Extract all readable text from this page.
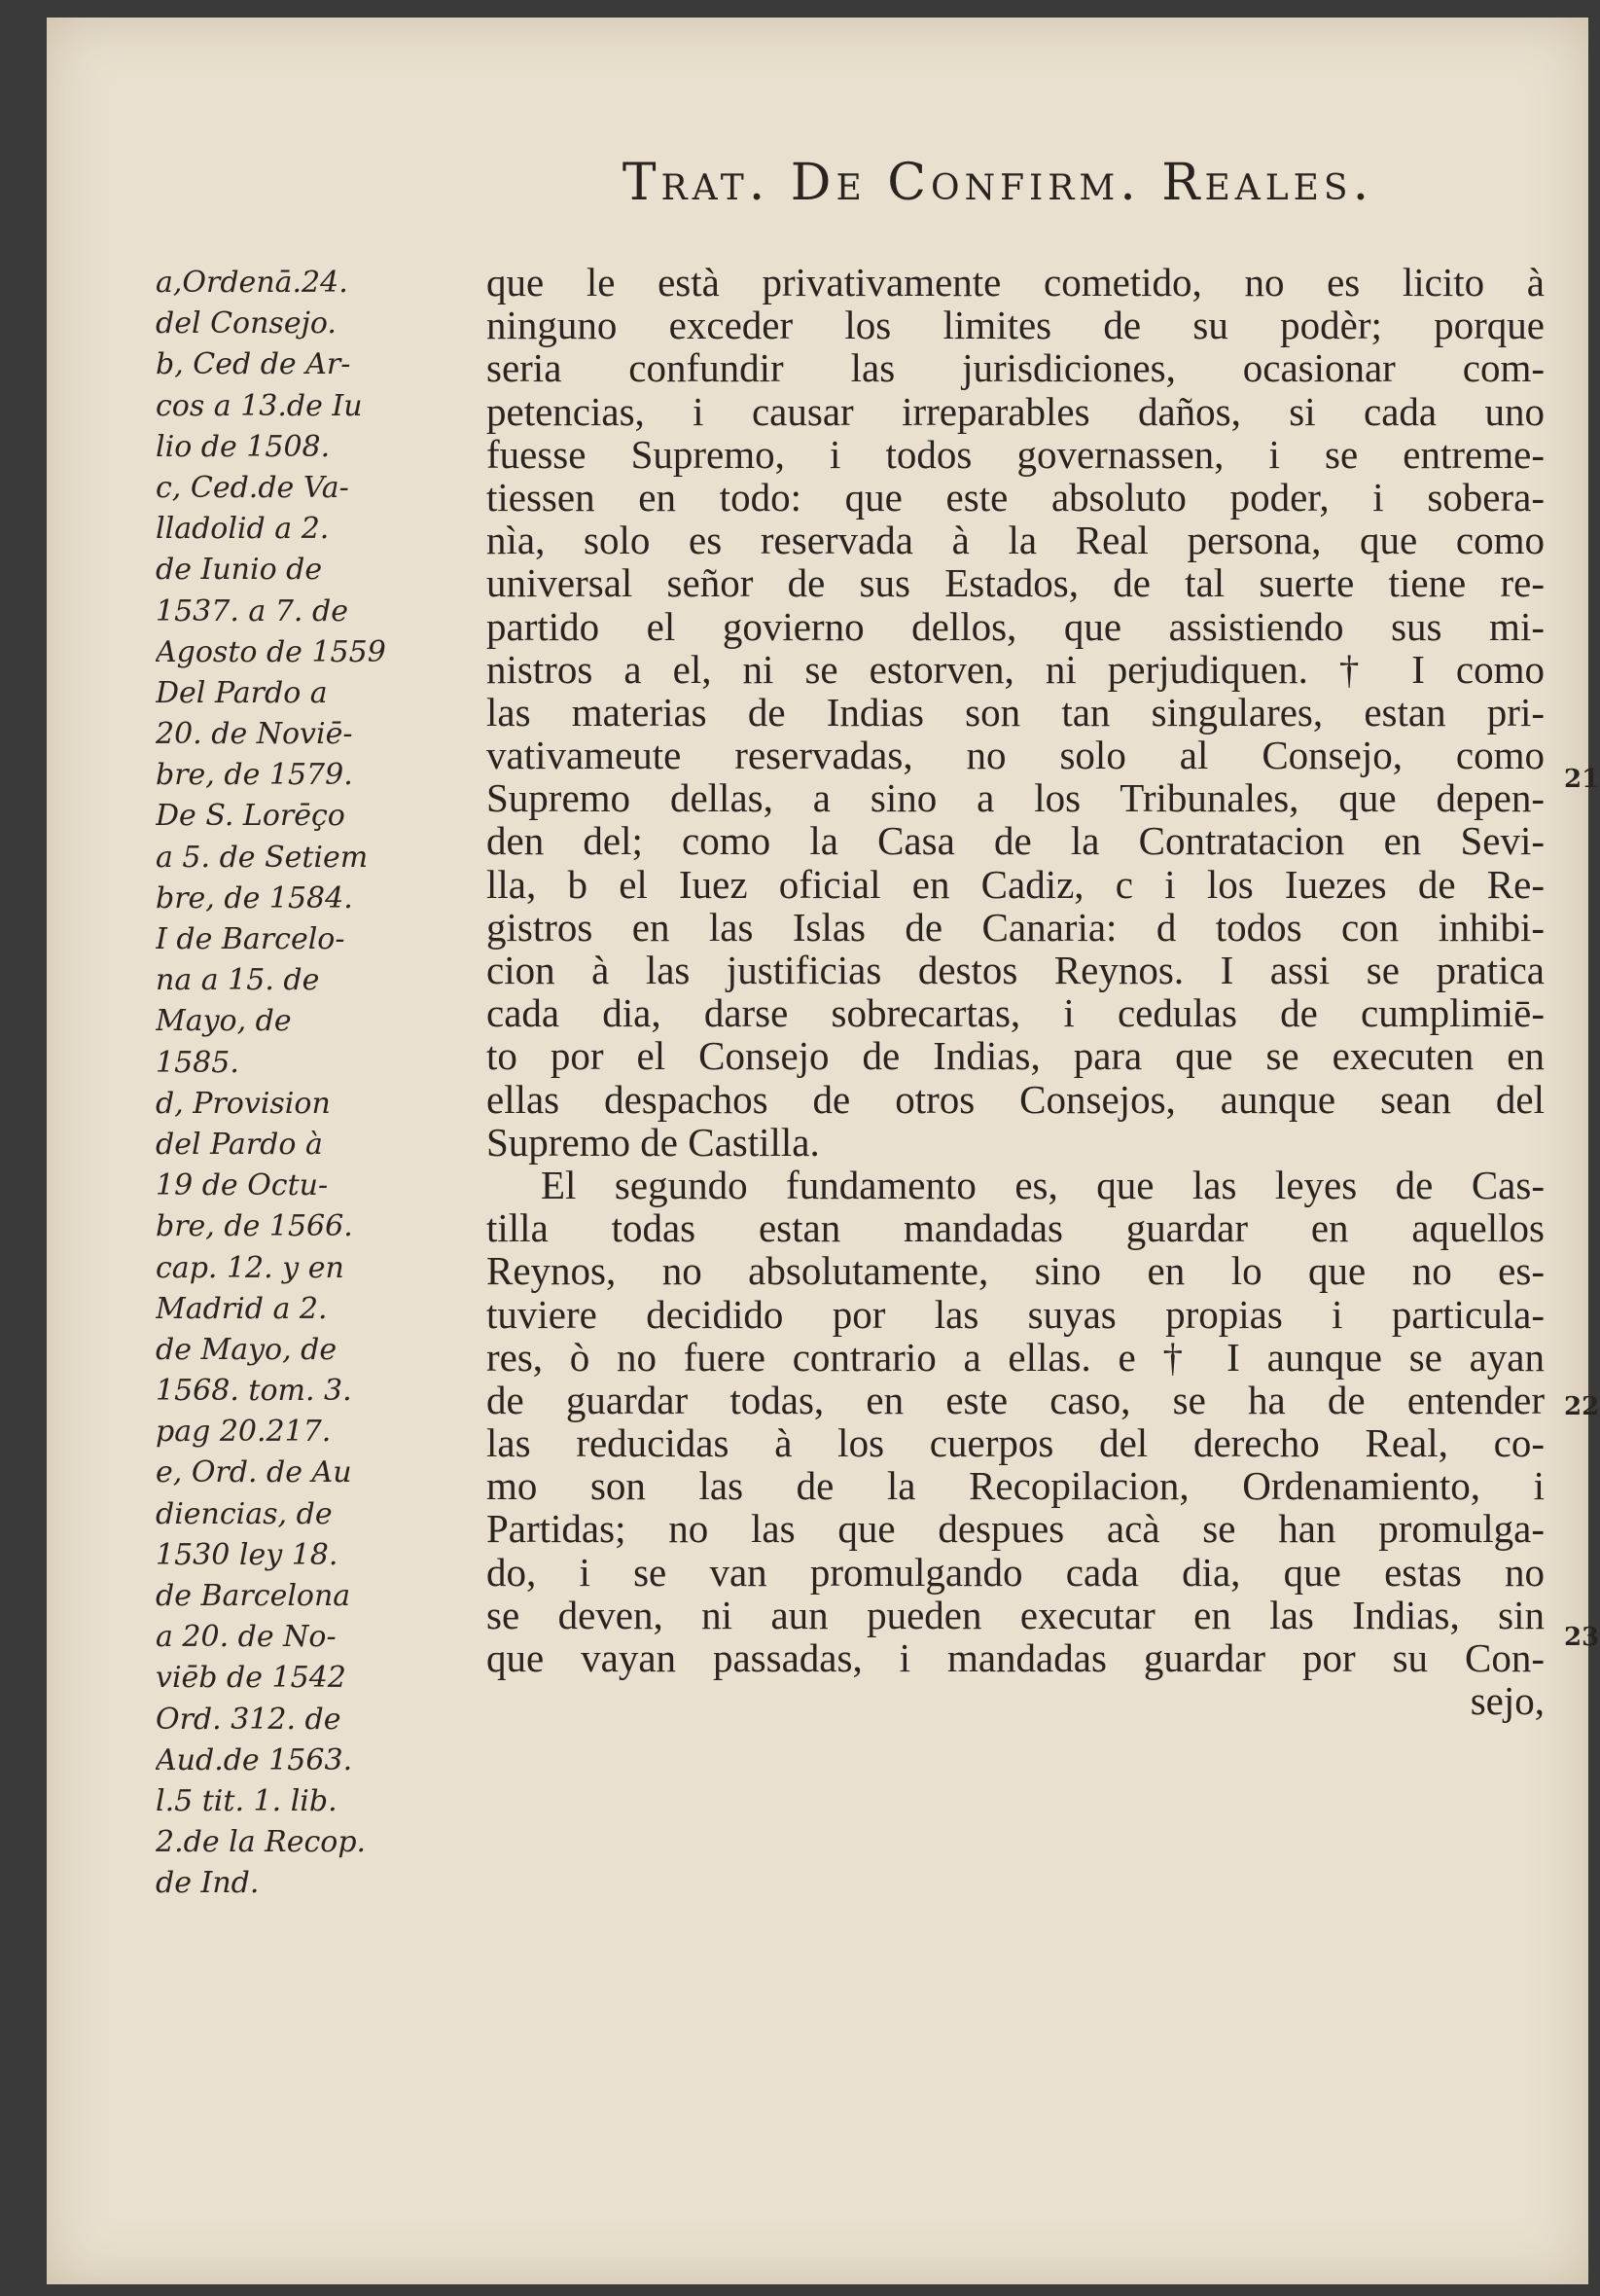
Trat. De Confirm. Reales.
a,Ordenā.24.
del Consejo.
b, Ced de Ar-
cos a 13.de Iu
lio de 1508.
c, Ced.de Va-
lladolid a 2.
de Iunio de
1537. a 7. de
Agosto de 1559
Del Pardo a
20. de Noviē-
bre, de 1579.
De S. Lorēço
a 5. de Setiem
bre, de 1584.
I de Barcelo-
na a 15. de
Mayo, de
1585.
d, Provision
del Pardo à
19 de Octu-
bre, de 1566.
cap. 12. y en
Madrid a 2.
de Mayo, de
1568. tom. 3.
pag 20.217.
e, Ord. de Au
diencias, de
1530 ley 18.
de Barcelona
a 20. de No-
viēb de 1542
Ord. 312. de
Aud.de 1563.
l.5 tit. 1. lib.
2.de la Recop.
de Ind.
que le està privativamente cometido, no es licito à
ninguno exceder los limites de su podèr; porque
seria confundir las jurisdiciones, ocasionar com-
petencias, i causar irreparables daños, si cada uno
fuesse Supremo, i todos governassen, i se entreme-
tiessen en todo: que este absoluto poder, i sobera-
nìa, solo es reservada à la Real persona, que como
universal señor de sus Estados, de tal suerte tiene re-
partido el govierno dellos, que assistiendo sus mi-
nistros a el, ni se estorven, ni perjudiquen. † I como
las materias de Indias son tan singulares, estan pri-
vativameute reservadas, no solo al Consejo, como
Supremo dellas, a sino a los Tribunales, que depen-
den del; como la Casa de la Contratacion en Sevi-
lla, b el Iuez oficial en Cadiz, c i los Iuezes de Re-
gistros en las Islas de Canaria: d todos con inhibi-
cion à las justificias destos Reynos. I assi se pratica
cada dia, darse sobrecartas, i cedulas de cumplimiē-
to por el Consejo de Indias, para que se executen en
ellas despachos de otros Consejos, aunque sean del
Supremo de Castilla.
El segundo fundamento es, que las leyes de Cas-
tilla todas estan mandadas guardar en aquellos
Reynos, no absolutamente, sino en lo que no es-
tuviere decidido por las suyas propias i particula-
res, ò no fuere contrario a ellas. e † I aunque se ayan
de guardar todas, en este caso, se ha de entender
las reducidas à los cuerpos del derecho Real, co-
mo son las de la Recopilacion, Ordenamiento, i
Partidas; no las que despues acà se han promulga-
do, i se van promulgando cada dia, que estas no
se deven, ni aun pueden executar en las Indias, sin
que vayan passadas, i mandadas guardar por su Con-
sejo,
21
22
23
